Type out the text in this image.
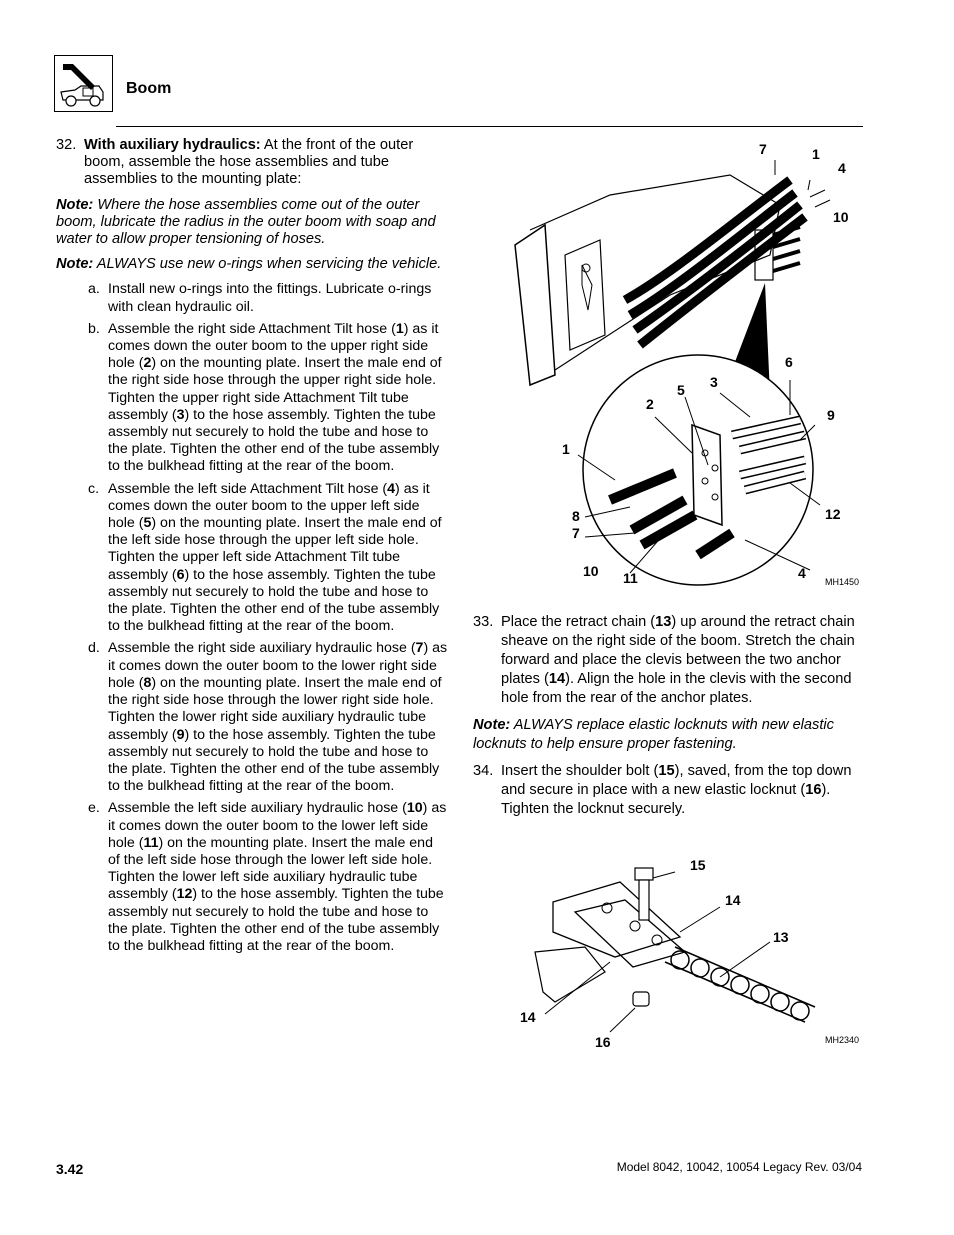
Boom
32. With auxiliary hydraulics: At the front of the outer boom, assemble the hose assemblies and tube assemblies to the mounting plate:
Note: Where the hose assemblies come out of the outer boom, lubricate the radius in the outer boom with soap and water to allow proper tensioning of hoses.
Note: ALWAYS use new o-rings when servicing the vehicle.
a. Install new o-rings into the fittings. Lubricate o-rings with clean hydraulic oil.
b. Assemble the right side Attachment Tilt hose (1) as it comes down the outer boom to the upper right side hole (2) on the mounting plate. Insert the male end of the right side hose through the upper right side hole. Tighten the upper right side Attachment Tilt tube assembly (3) to the hose assembly. Tighten the tube assembly nut securely to hold the tube and hose to the plate. Tighten the other end of the tube assembly to the bulkhead fitting at the rear of the boom.
c. Assemble the left side Attachment Tilt hose (4) as it comes down the outer boom to the upper left side hole (5) on the mounting plate. Insert the male end of the left side hose through the upper left side hole. Tighten the upper left side Attachment Tilt tube assembly (6) to the hose assembly. Tighten the tube assembly nut securely to hold the tube and hose to the plate. Tighten the other end of the tube assembly to the bulkhead fitting at the rear of the boom.
d. Assemble the right side auxiliary hydraulic hose (7) as it comes down the outer boom to the lower right side hole (8) on the mounting plate. Insert the male end of the right side hose through the lower right side hole. Tighten the lower right side auxiliary hydraulic tube assembly (9) to the hose assembly. Tighten the tube assembly nut securely to hold the tube and hose to the plate. Tighten the other end of the tube assembly to the bulkhead fitting at the rear of the boom.
e. Assemble the left side auxiliary hydraulic hose (10) as it comes down the outer boom to the lower left side hole (11) on the mounting plate. Insert the male end of the left side hose through the lower left side hole. Tighten the lower left side auxiliary hydraulic tube assembly (12) to the hose assembly. Tighten the tube assembly nut securely to hold the tube and hose to the plate. Tighten the other end of the tube assembly to the bulkhead fitting at the rear of the boom.
7	1
4
10
6
3
5
2
9
1
12
8
7
10 11	4
MH1450
33. Place the retract chain (13) up around the retract chain sheave on the right side of the boom. Stretch the chain forward and place the clevis between the two anchor plates (14). Align the hole in the clevis with the second hole from the rear of the anchor plates.
Note: ALWAYS replace elastic locknuts with new elastic locknuts to help ensure proper fastening.
34. Insert the shoulder bolt (15), saved, from the top down and secure in place with a new elastic locknut (16). Tighten the locknut securely.
15
14
13
14
16	MH2340
3.42	Model 8042, 10042, 10054 Legacy Rev. 03/04
